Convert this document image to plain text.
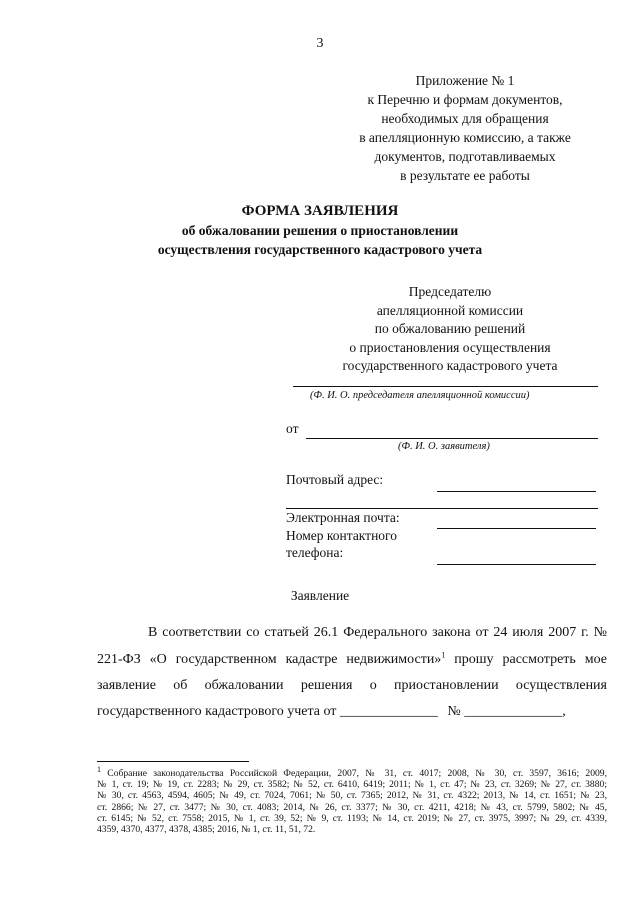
3
Приложение № 1
к Перечню и формам документов,
необходимых для обращения
в апелляционную комиссию, а также
документов, подготавливаемых
в результате ее работы
ФОРМА ЗАЯВЛЕНИЯ
об обжаловании решения о приостановлении
осуществления государственного кадастрового учета
Председателю
апелляционной комиссии
по обжалованию решений
о приостановления осуществления
государственного кадастрового учета
(Ф. И. О. председателя апелляционной комиссии)
от
(Ф. И. О. заявителя)
Почтовый адрес:
Электронная почта:
Номер контактного
телефона:
Заявление
В соответствии со статьей 26.1 Федерального закона от 24 июля 2007 г. №
221-ФЗ «О государственном кадастре недвижимости»$^1$ прошу рассмотреть мое
заявление об обжаловании решения о приостановлении осуществления
государственного кадастрового учета от ______________ № ______________,
$^1$ Собрание законодательства Российской Федерации, 2007, № 31, ст. 4017; 2008, № 30, ст. 3597, 3616; 2009,
№ 1, ст. 19; № 19, ст. 2283; № 29, ст. 3582; № 52, ст. 6410, 6419; 2011; № 1, ст. 47; № 23, ст. 3269; № 27, ст. 3880;
№ 30, ст. 4563, 4594, 4605; № 49, ст. 7024, 7061; № 50, ст. 7365; 2012, № 31, ст. 4322; 2013, № 14, ст. 1651; № 23,
ст. 2866; № 27, ст. 3477; № 30, ст. 4083; 2014, № 26, ст. 3377; № 30, ст. 4211, 4218; № 43, ст. 5799, 5802; № 45,
ст. 6145; № 52, ст. 7558; 2015, № 1, ст. 39, 52; № 9, ст. 1193; № 14, ст. 2019; № 27, ст. 3975, 3997; № 29, ст. 4339,
4359, 4370, 4377, 4378, 4385; 2016, № 1, ст. 11, 51, 72.
